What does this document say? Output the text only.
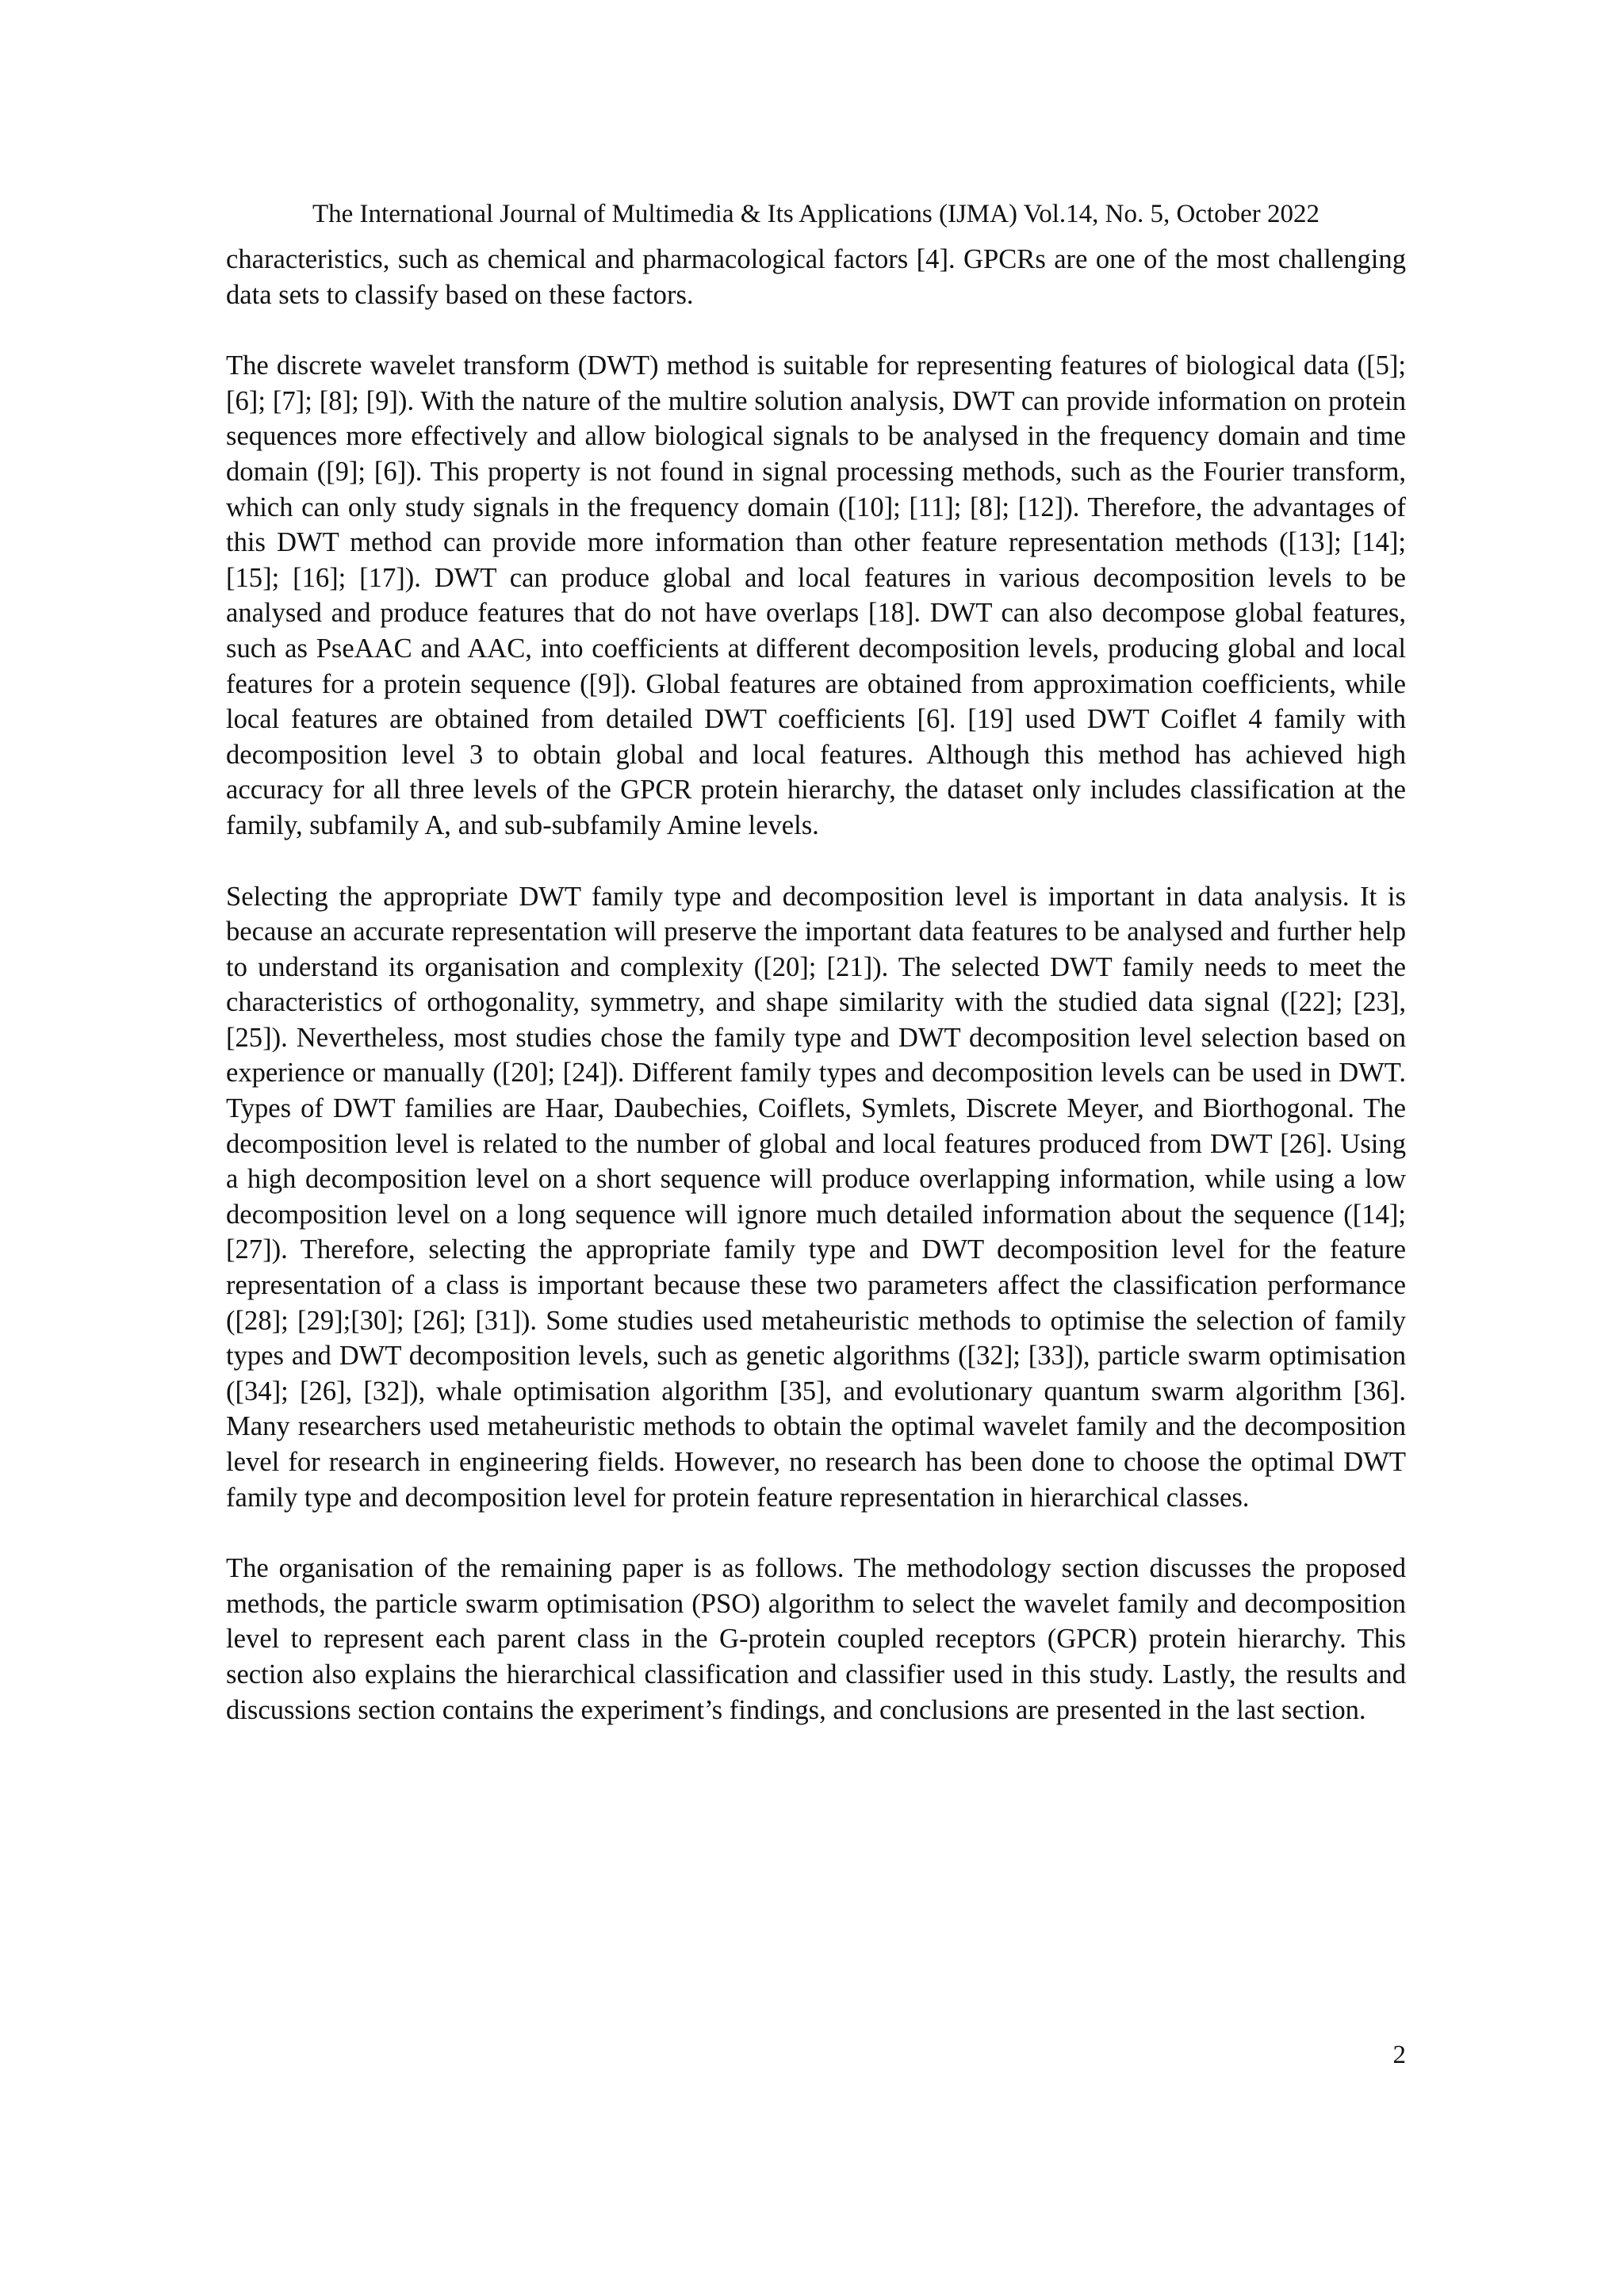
The International Journal of Multimedia & Its Applications (IJMA) Vol.14, No. 5, October 2022

characteristics, such as chemical and pharmacological factors [4]. GPCRs are one of the most challenging data sets to classify based on these factors.

The discrete wavelet transform (DWT) method is suitable for representing features of biological data ([5]; [6]; [7]; [8]; [9]). With the nature of the multire solution analysis, DWT can provide information on protein sequences more effectively and allow biological signals to be analysed in the frequency domain and time domain ([9]; [6]). This property is not found in signal processing methods, such as the Fourier transform, which can only study signals in the frequency domain ([10]; [11]; [8]; [12]). Therefore, the advantages of this DWT method can provide more information than other feature representation methods ([13]; [14]; [15]; [16]; [17]). DWT can produce global and local features in various decomposition levels to be analysed and produce features that do not have overlaps [18]. DWT can also decompose global features, such as PseAAC and AAC, into coefficients at different decomposition levels, producing global and local features for a protein sequence ([9]). Global features are obtained from approximation coefficients, while local features are obtained from detailed DWT coefficients [6]. [19] used DWT Coiflet 4 family with decomposition level 3 to obtain global and local features. Although this method has achieved high accuracy for all three levels of the GPCR protein hierarchy, the dataset only includes classification at the family, subfamily A, and sub-subfamily Amine levels.

Selecting the appropriate DWT family type and decomposition level is important in data analysis. It is because an accurate representation will preserve the important data features to be analysed and further help to understand its organisation and complexity ([20]; [21]). The selected DWT family needs to meet the characteristics of orthogonality, symmetry, and shape similarity with the studied data signal ([22]; [23], [25]). Nevertheless, most studies chose the family type and DWT decomposition level selection based on experience or manually ([20]; [24]). Different family types and decomposition levels can be used in DWT. Types of DWT families are Haar, Daubechies, Coiflets, Symlets, Discrete Meyer, and Biorthogonal. The decomposition level is related to the number of global and local features produced from DWT [26]. Using a high decomposition level on a short sequence will produce overlapping information, while using a low decomposition level on a long sequence will ignore much detailed information about the sequence ([14]; [27]). Therefore, selecting the appropriate family type and DWT decomposition level for the feature representation of a class is important because these two parameters affect the classification performance ([28]; [29];[30]; [26]; [31]). Some studies used metaheuristic methods to optimise the selection of family types and DWT decomposition levels, such as genetic algorithms ([32]; [33]), particle swarm optimisation ([34]; [26], [32]), whale optimisation algorithm [35], and evolutionary quantum swarm algorithm [36]. Many researchers used metaheuristic methods to obtain the optimal wavelet family and the decomposition level for research in engineering fields. However, no research has been done to choose the optimal DWT family type and decomposition level for protein feature representation in hierarchical classes.

The organisation of the remaining paper is as follows. The methodology section discusses the proposed methods, the particle swarm optimisation (PSO) algorithm to select the wavelet family and decomposition level to represent each parent class in the G-protein coupled receptors (GPCR) protein hierarchy. This section also explains the hierarchical classification and classifier used in this study. Lastly, the results and discussions section contains the experiment’s findings, and conclusions are presented in the last section.

2
